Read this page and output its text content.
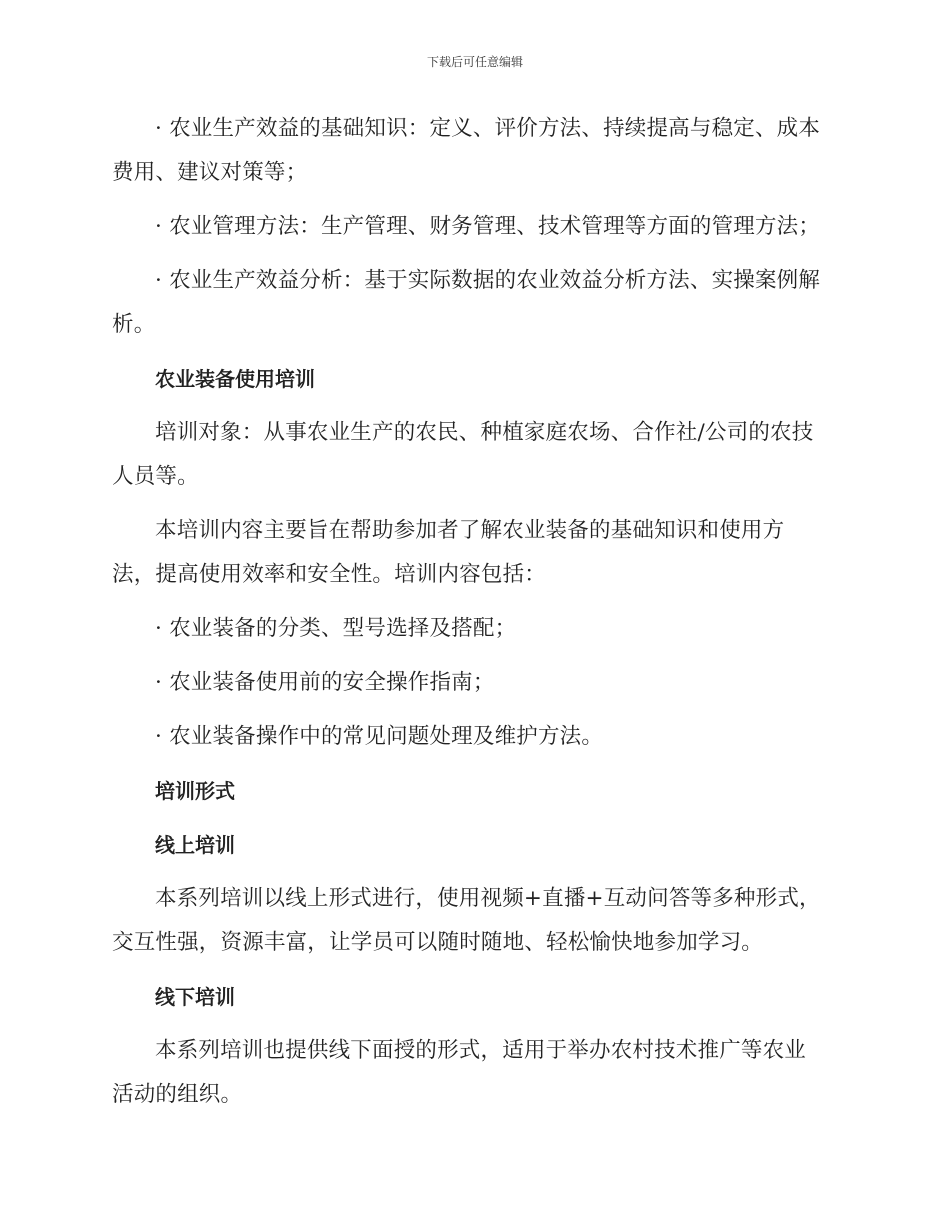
下载后可任意编辑

· 农业生产效益的基础知识：定义、评价方法、持续提高与稳定、成本费用、建议对策等；

· 农业管理方法：生产管理、财务管理、技术管理等方面的管理方法；

· 农业生产效益分析：基于实际数据的农业效益分析方法、实操案例解析。

农业装备使用培训

培训对象：从事农业生产的农民、种植家庭农场、合作社/公司的农技人员等。

本培训内容主要旨在帮助参加者了解农业装备的基础知识和使用方法，提高使用效率和安全性。培训内容包括：

· 农业装备的分类、型号选择及搭配；

· 农业装备使用前的安全操作指南；

· 农业装备操作中的常见问题处理及维护方法。

培训形式
线上培训

本系列培训以线上形式进行，使用视频+直播+互动问答等多种形式，交互性强，资源丰富，让学员可以随时随地、轻松愉快地参加学习。

线下培训

本系列培训也提供线下面授的形式，适用于举办农村技术推广等农业活动的组织。
